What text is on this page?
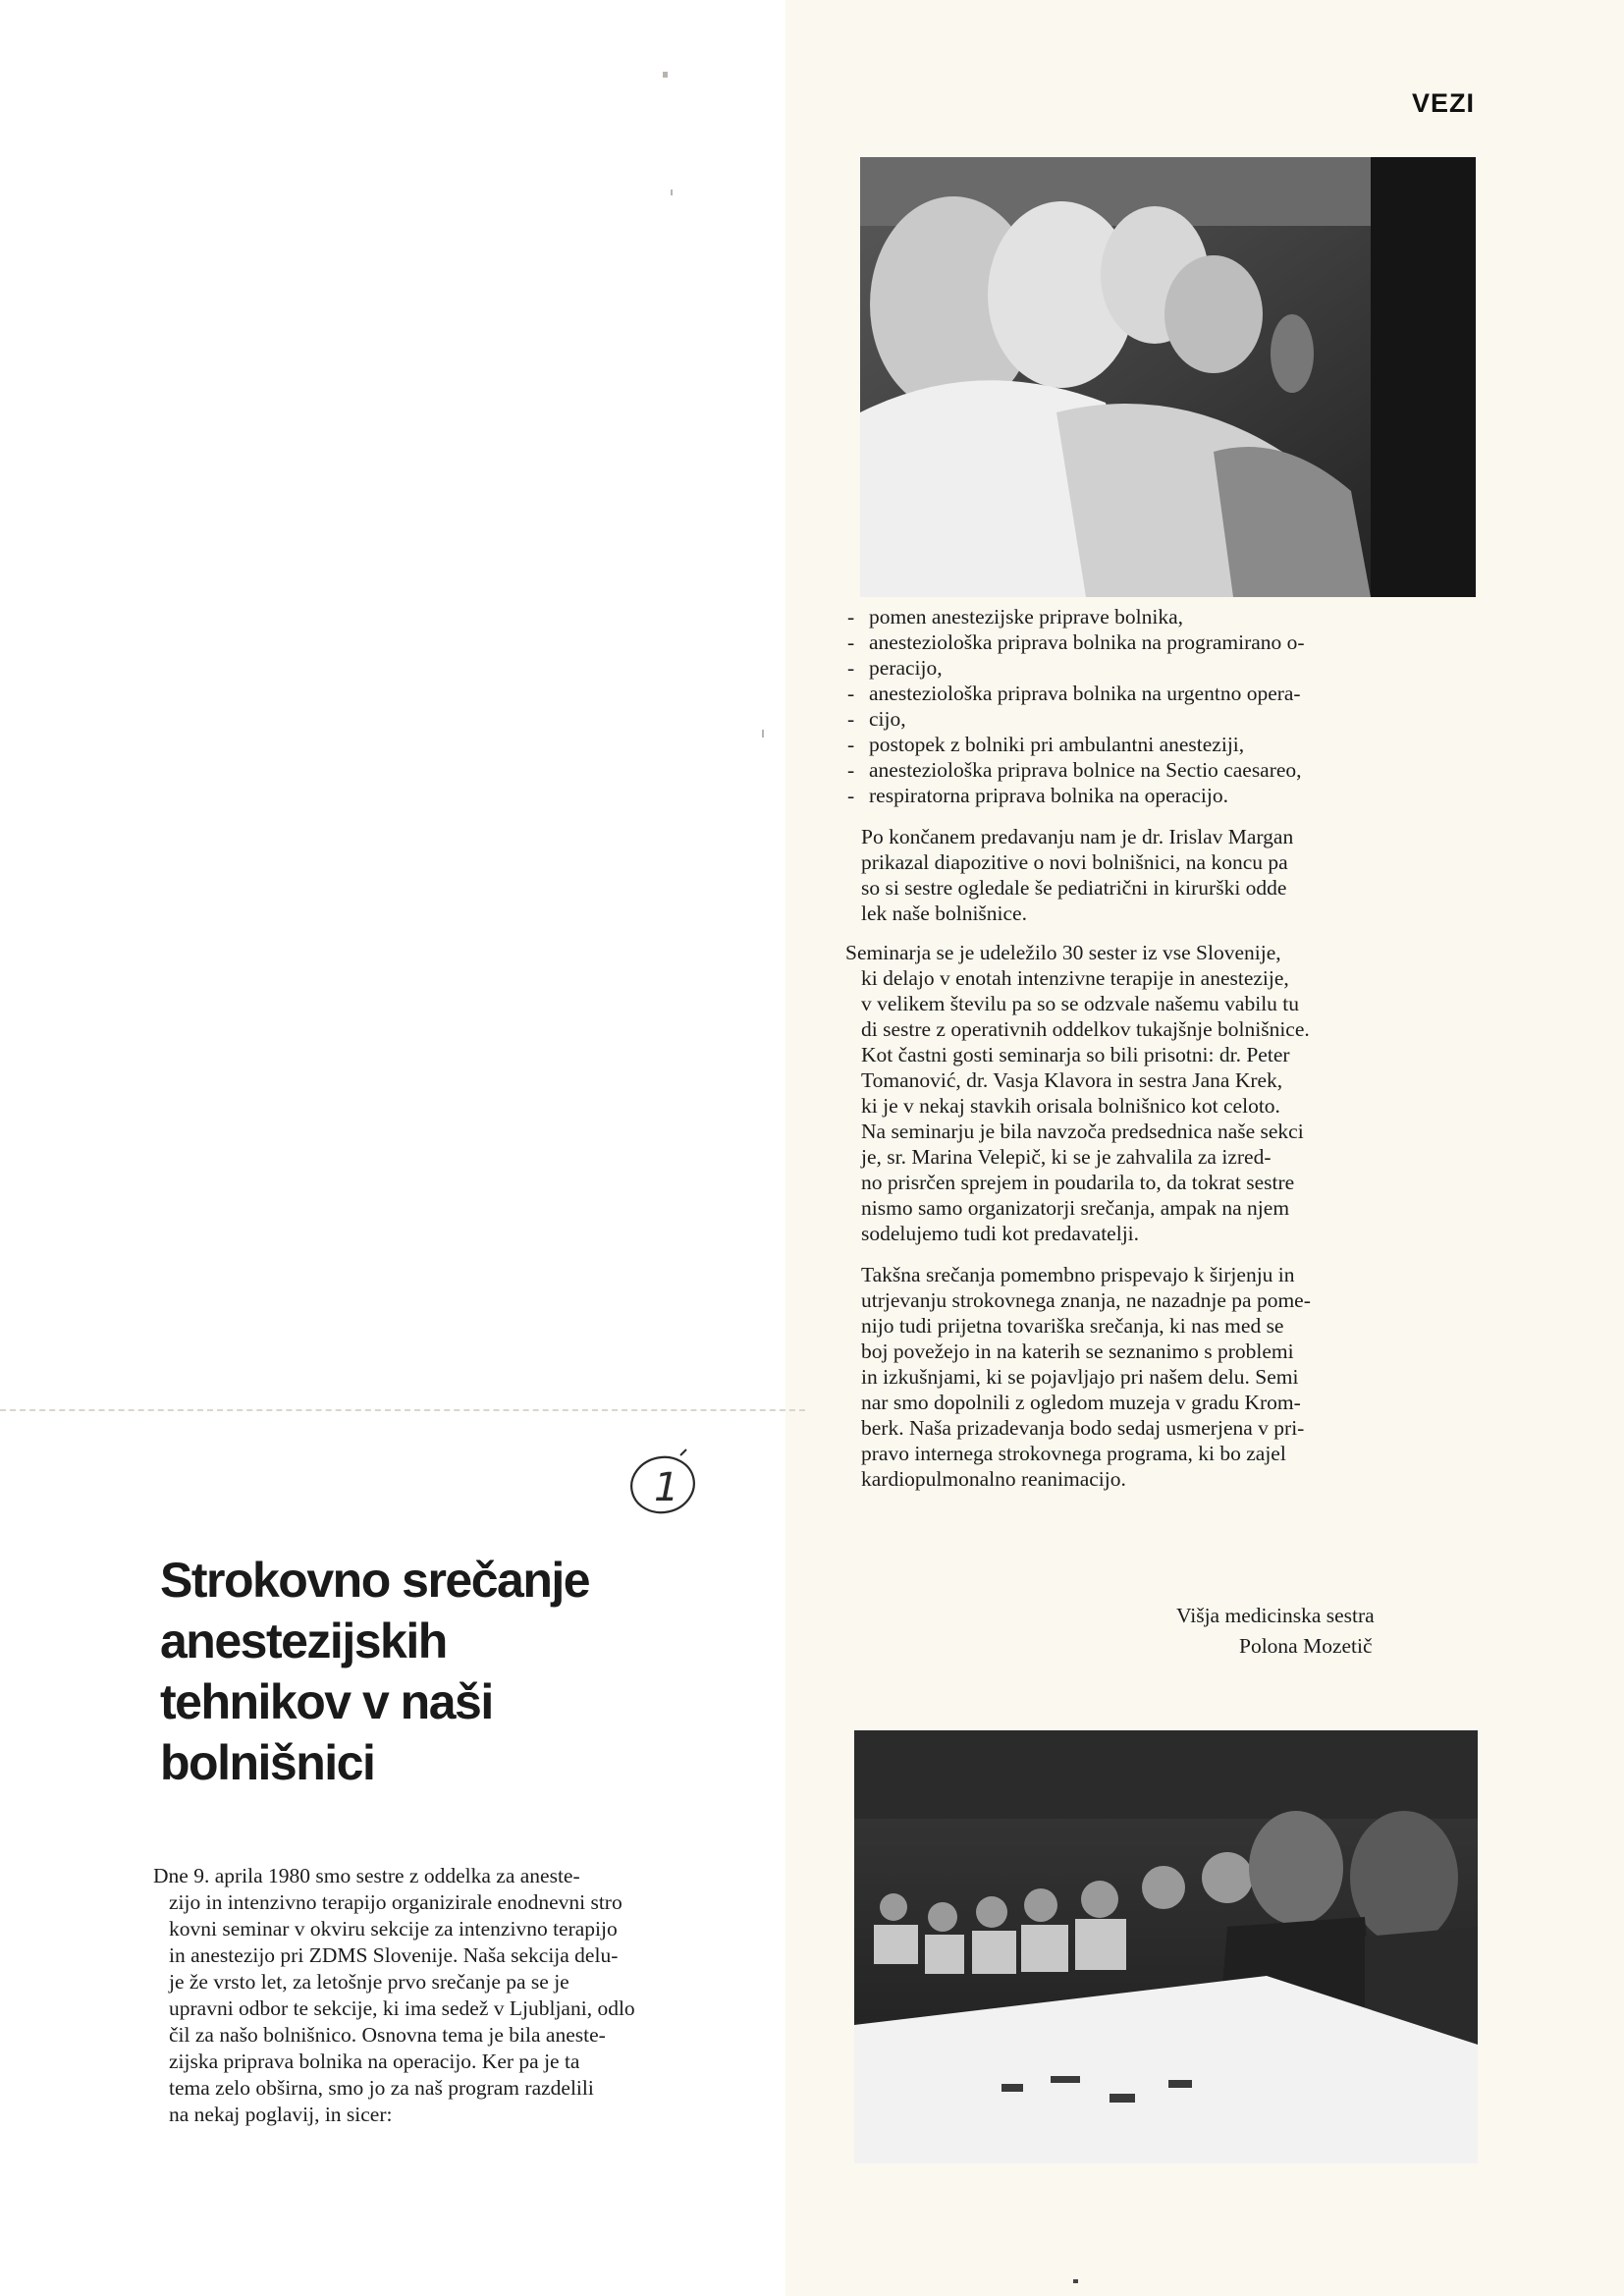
VEZI
- pomen anestezijske priprave bolnika,
- anesteziološka priprava bolnika na programirano o-
- peracijo,
- anesteziološka priprava bolnika na urgentno opera-
- cijo,
- postopek z bolniki pri ambulantni anesteziji,
- anesteziološka priprava bolnice na Sectio caesareo,
- respiratorna priprava bolnika na operacijo.
Po končanem predavanju nam je dr. Irislav Margan
prikazal diapozitive o novi bolnišnici, na koncu pa
so si sestre ogledale še pediatrični in kirurški odde
lek naše bolnišnice.
Seminarja se je udeležilo 30 sester iz vse Slovenije,
ki delajo v enotah intenzivne terapije in anestezije,
v velikem številu pa so se odzvale našemu vabilu tu
di sestre z operativnih oddelkov tukajšnje bolnišnice.
Kot častni gosti seminarja so bili prisotni: dr. Peter
Tomanović, dr. Vasja Klavora in sestra Jana Krek,
ki je v nekaj stavkih orisala bolnišnico kot celoto.
Na seminarju je bila navzoča predsednica naše sekci
je, sr. Marina Velepič, ki se je zahvalila za izred-
no prisrčen sprejem in poudarila to, da tokrat sestre
nismo samo organizatorji srečanja, ampak na njem
sodelujemo tudi kot predavatelji.
Takšna srečanja pomembno prispevajo k širjenju in
utrjevanju strokovnega znanja, ne nazadnje pa pome-
nijo tudi prijetna tovariška srečanja, ki nas med se
boj povežejo in na katerih se seznanimo s problemi
in izkušnjami, ki se pojavljajo pri našem delu. Semi
nar smo dopolnili z ogledom muzeja v gradu Krom-
berk. Naša prizadevanja bodo sedaj usmerjena v pri-
pravo internega strokovnega programa, ki bo zajel
kardiopulmonalno reanimacijo.
Višja medicinska sestra
Polona Mozetič
1
Strokovno srečanje
anestezijskih
tehnikov v naši
bolnišnici
Dne 9. aprila 1980 smo sestre z oddelka za aneste-
zijo in intenzivno terapijo organizirale enodnevni stro
kovni seminar v okviru sekcije za intenzivno terapijo
in anestezijo pri ZDMS Slovenije. Naša sekcija delu-
je že vrsto let, za letošnje prvo srečanje pa se je
upravni odbor te sekcije, ki ima sedež v Ljubljani, odlo
čil za našo bolnišnico. Osnovna tema je bila aneste-
zijska priprava bolnika na operacijo. Ker pa je ta
tema zelo obširna, smo jo za naš program razdelili
na nekaj poglavij, in sicer:
